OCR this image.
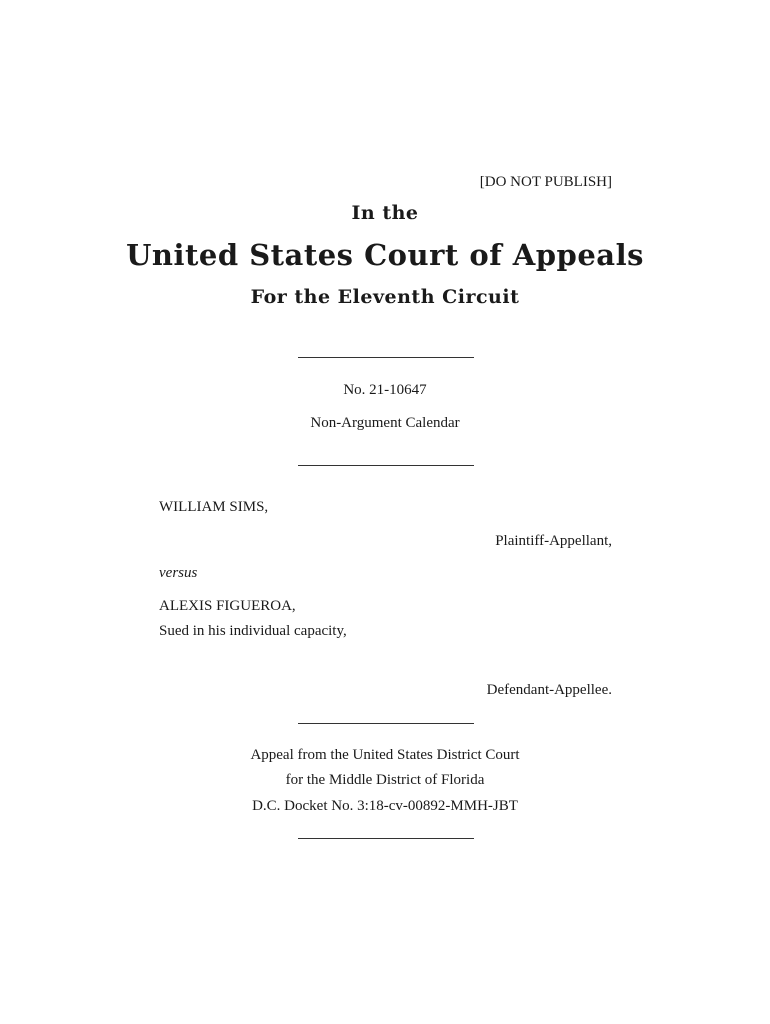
[DO NOT PUBLISH]
In the
United States Court of Appeals
For the Eleventh Circuit
No. 21-10647
Non-Argument Calendar
WILLIAM SIMS,
Plaintiff-Appellant,
versus
ALEXIS FIGUEROA,
Sued in his individual capacity,
Defendant-Appellee.
Appeal from the United States District Court
for the Middle District of Florida
D.C. Docket No. 3:18-cv-00892-MMH-JBT
